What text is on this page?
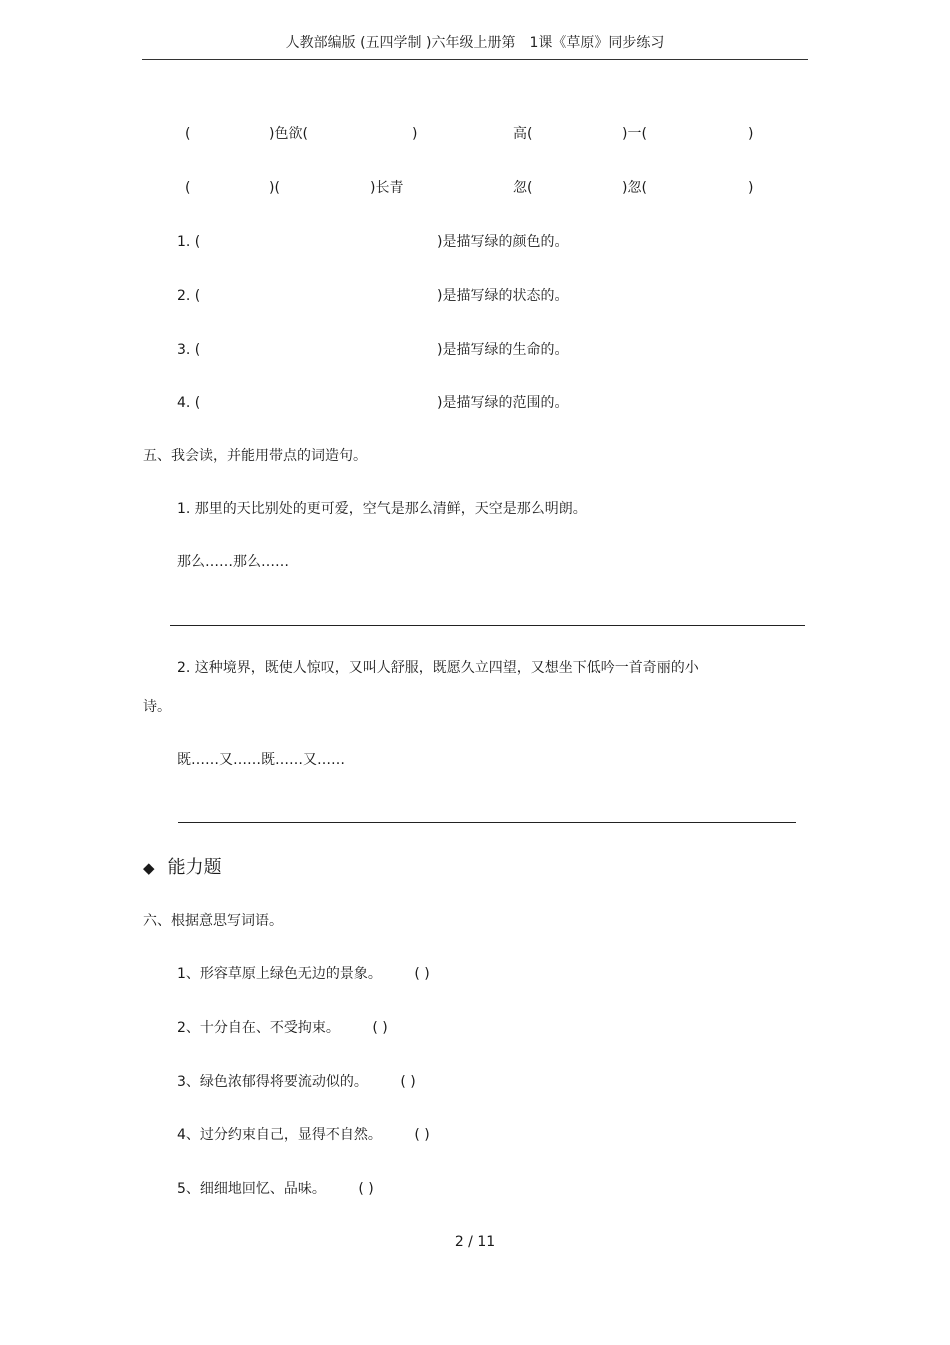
人教部编版 (五四学制 )六年级上册第　1课《草原》同步练习
(	)色欲(	)	高(	)一(	)
(	)(	)长青	忽(	)忽(	)
1. (	)是描写绿的颜色的。
2. (	)是描写绿的状态的。
3. (	)是描写绿的生命的。
4. (	)是描写绿的范围的。
五、我会读，并能用带点的词造句。
1. 那里的天比别处的更可爱，空气是那么清鲜，天空是那么明朗。
那么……那么……
2. 这种境界，既使人惊叹，又叫人舒服，既愿久立四望，又想坐下低吟一首奇丽的小
诗。
既……又……既……又……
◆ 能力题
六、根据意思写词语。
1、形容草原上绿色无边的景象。 ( )
2、十分自在、不受拘束。 ( )
3、绿色浓郁得将要流动似的。 ( )
4、过分约束自己，显得不自然。 ( )
5、细细地回忆、品味。 ( )
2 / 11
